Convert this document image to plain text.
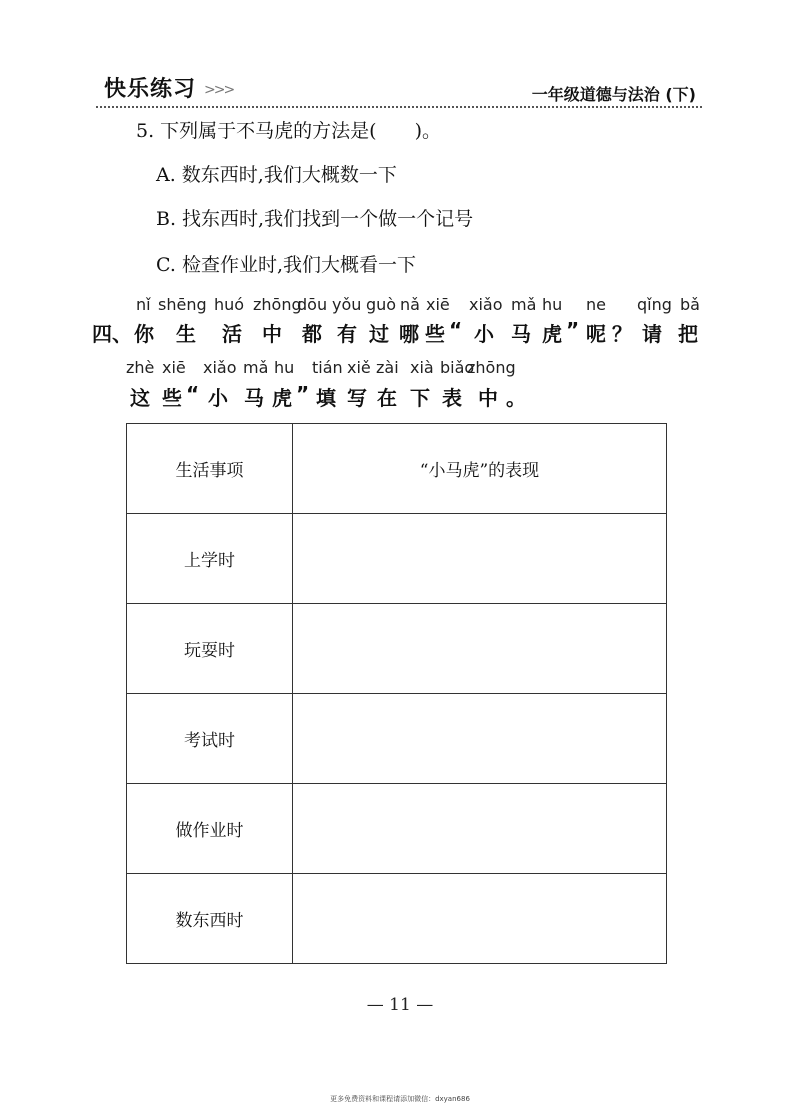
快乐练习 >>>	一年级道德与法治 (下)
5. 下列属于不马虎的方法是(　　)。
A. 数东西时,我们大概数一下
B. 找东西时,我们找到一个做一个记号
C. 检查作业时,我们大概看一下
四、
nǐ
你
shēng
生
huó
活
zhōng
中
dōu
都
yǒu
有
guò
过
nǎ
哪
xiē
些 “
xiǎo
小
mǎ
马
hu
虎 ”
ne
呢 ？
qǐng
请
bǎ
把
zhè
这
xiē
些 “
xiǎo
小
mǎ
马
hu
虎 ”
tián
填
xiě
写
zài
在
xià
下
biǎo
表
zhōng
中 。
生活事项	“小马虎”的表现
上学时	
玩耍时	
考试时	
做作业时	
数东西时	
— 11 —
更多免费资料和课程请添加微信：dxyan686
